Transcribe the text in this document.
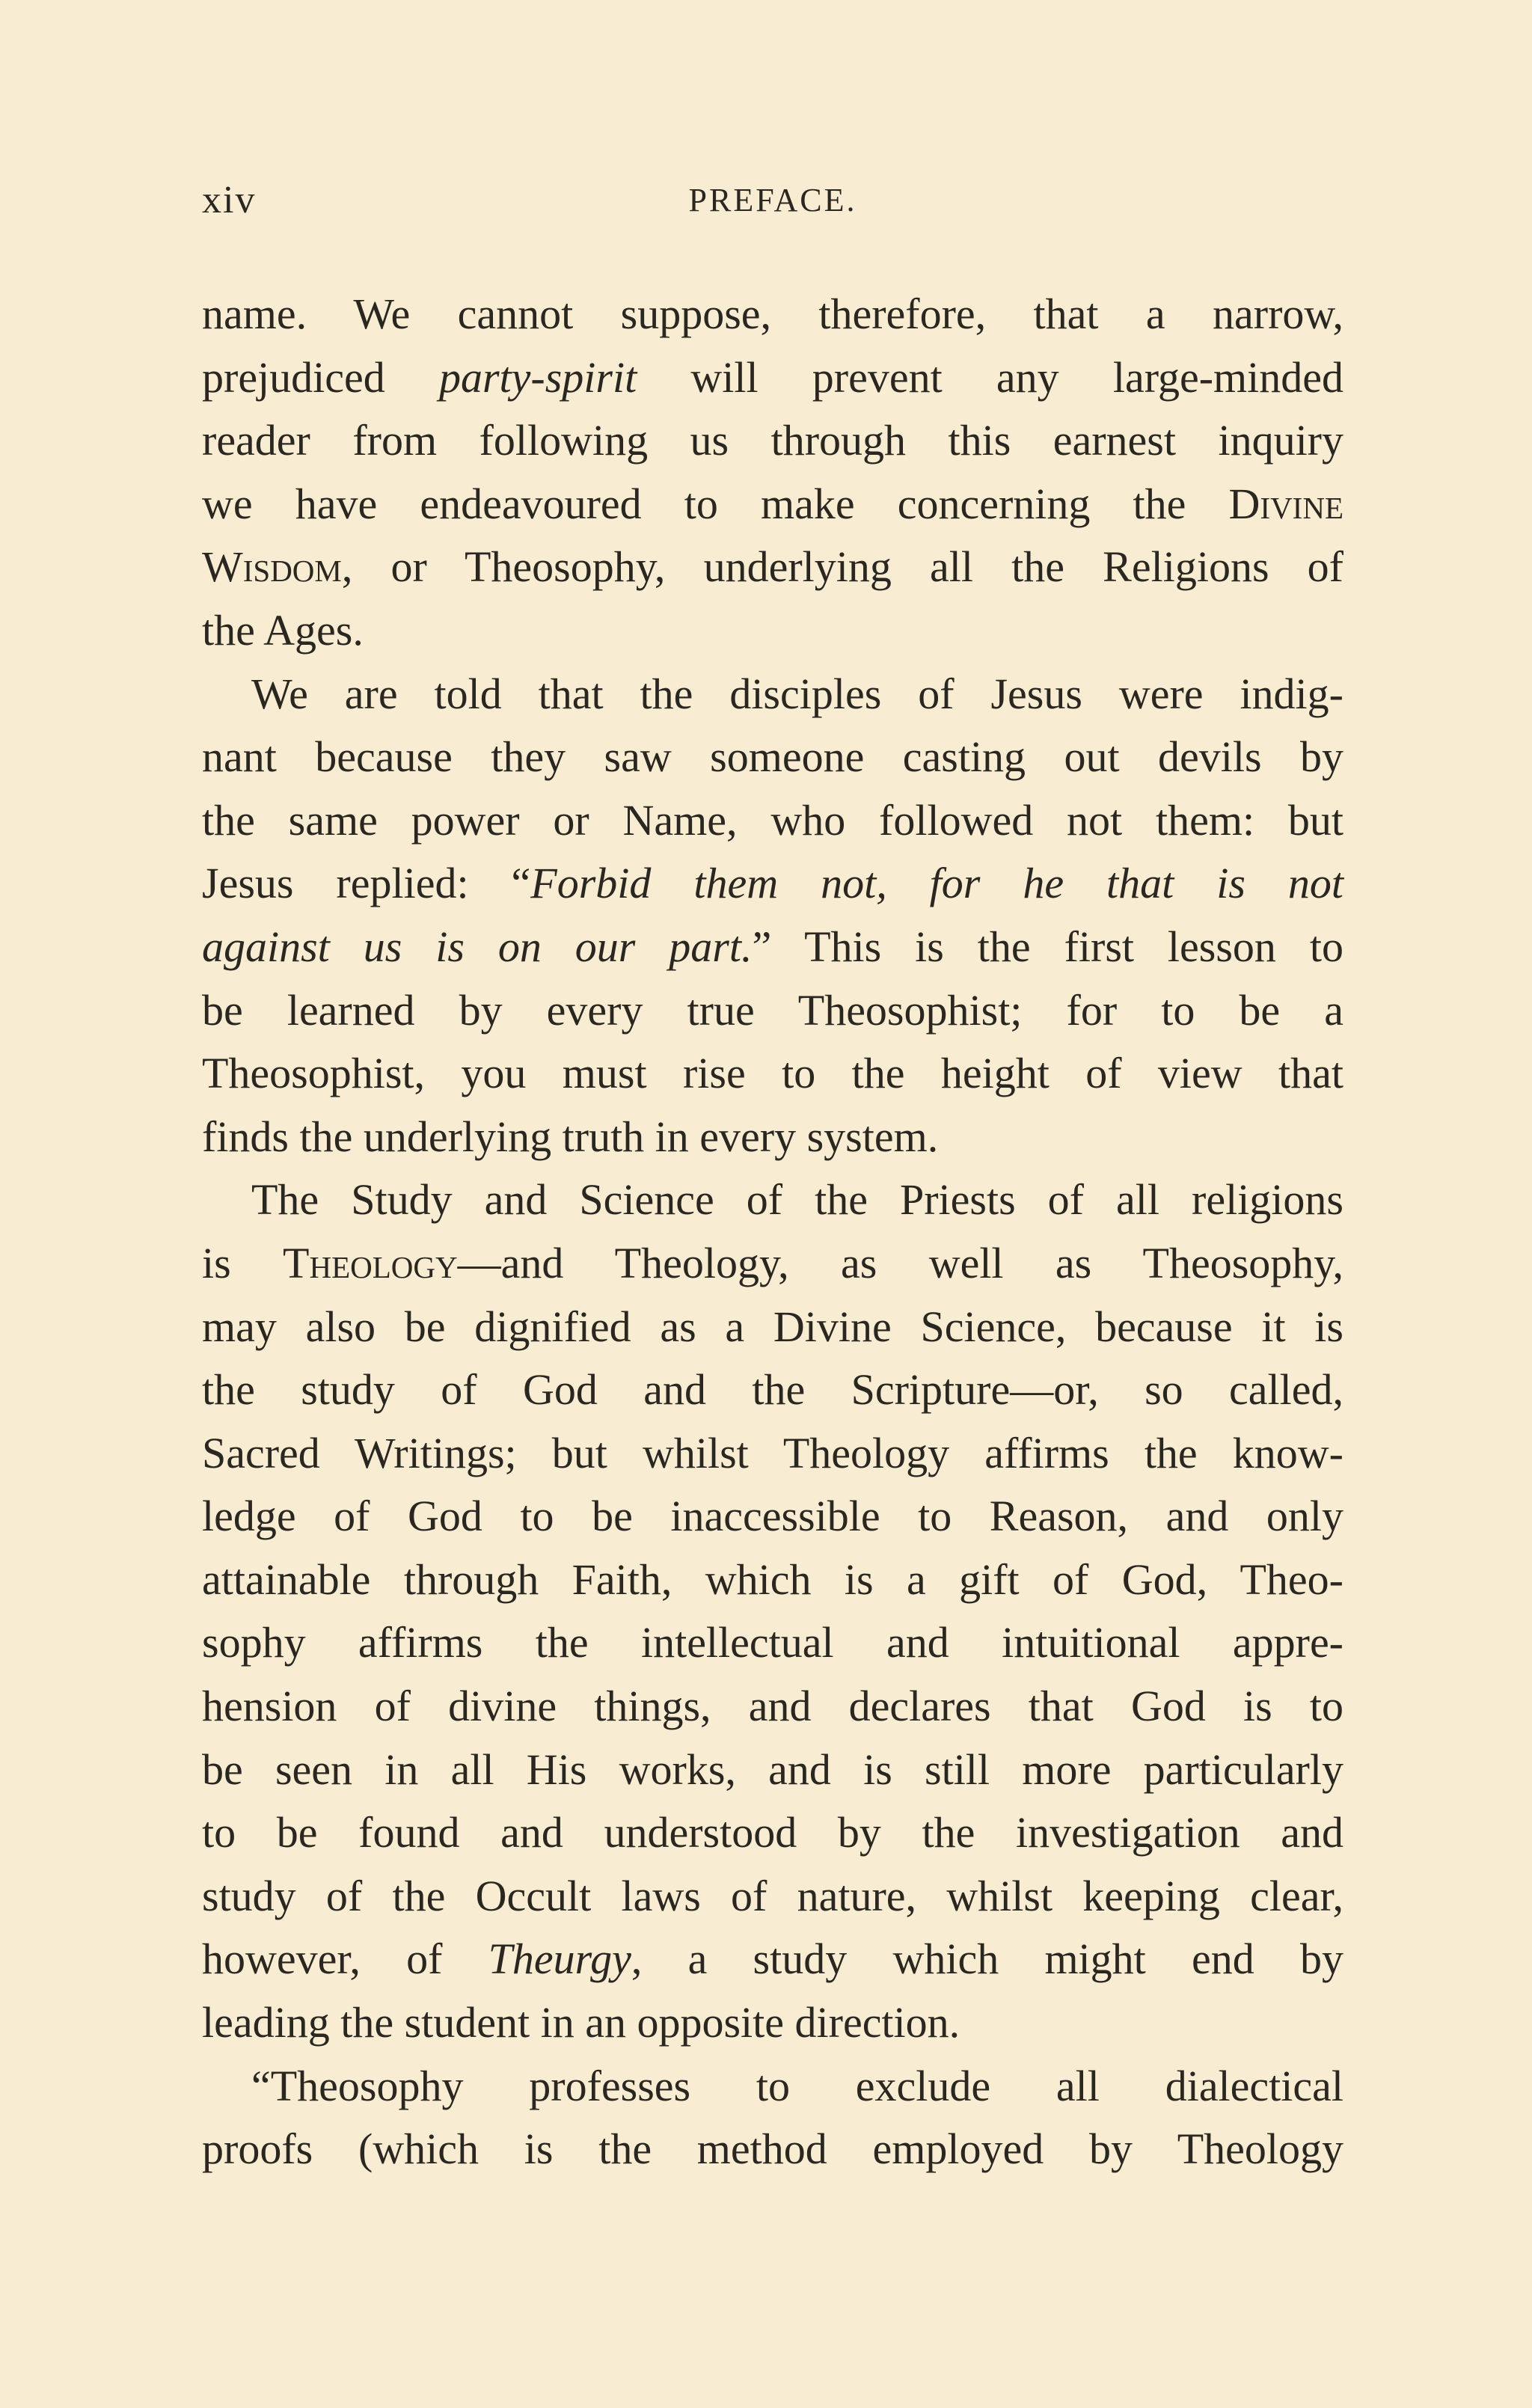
xiv	PREFACE.
name. We cannot suppose, therefore, that a narrow,
prejudiced party-spirit will prevent any large-minded
reader from following us through this earnest inquiry
we have endeavoured to make concerning the Divine
Wisdom, or Theosophy, underlying all the Religions of
the Ages.
We are told that the disciples of Jesus were indig-
nant because they saw someone casting out devils by
the same power or Name, who followed not them: but
Jesus replied: “Forbid them not, for he that is not
against us is on our part.” This is the first lesson to
be learned by every true Theosophist; for to be a
Theosophist, you must rise to the height of view that
finds the underlying truth in every system.
The Study and Science of the Priests of all religions
is Theology—and Theology, as well as Theosophy,
may also be dignified as a Divine Science, because it is
the study of God and the Scripture—or, so called,
Sacred Writings; but whilst Theology affirms the know-
ledge of God to be inaccessible to Reason, and only
attainable through Faith, which is a gift of God, Theo-
sophy affirms the intellectual and intuitional appre-
hension of divine things, and declares that God is to
be seen in all His works, and is still more particularly
to be found and understood by the investigation and
study of the Occult laws of nature, whilst keeping clear,
however, of Theurgy, a study which might end by
leading the student in an opposite direction.
“Theosophy professes to exclude all dialectical
proofs (which is the method employed by Theology
